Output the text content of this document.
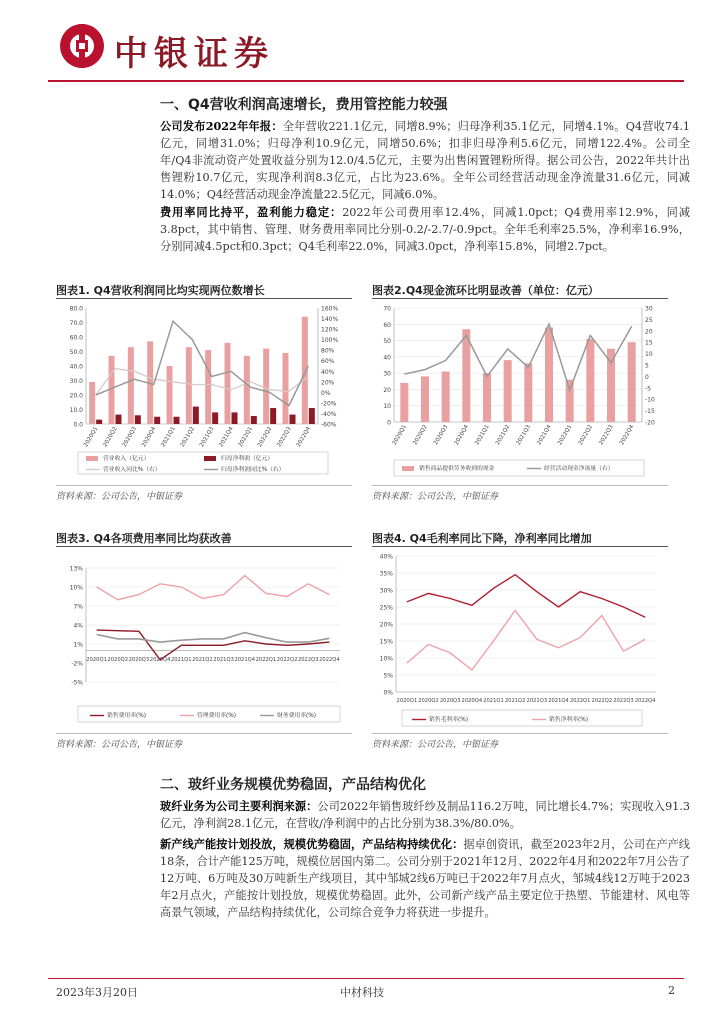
中银证券
一、Q4营收利润高速增长，费用管控能力较强
公司发布2022年年报：全年营收221.1亿元，同增8.9%；归母净利35.1亿元，同增4.1%。Q4营收74.1亿元，同增31.0%；归母净利10.9亿元，同增50.6%；扣非归母净利5.6亿元，同增122.4%。公司全年/Q4非流动资产处置收益分别为12.0/4.5亿元，主要为出售闲置锂粉所得。据公司公告，2022年共计出售锂粉10.7亿元，实现净利润8.3亿元，占比为23.6%。全年公司经营活动现金净流量31.6亿元，同减14.0%；Q4经营活动现金净流量22.5亿元，同减6.0%。
费用率同比持平，盈利能力稳定：2022年公司费用率12.4%，同减1.0pct；Q4费用率12.9%，同减3.8pct，其中销售、管理、财务费用率同比分别-0.2/-2.7/-0.9pct。全年毛利率25.5%，净利率16.9%，分别同减4.5pct和0.3pct；Q4毛利率22.0%，同减3.0pct，净利率15.8%，同增2.7pct。
图表1. Q4营收利润同比均实现两位数增长
80.0
70.0
60.0
50.0
40.0
30.0
20.0
10.0
0.0
160%
140%
120%
100%
80%
60%
40%
20%
0%
-20%
-40%
-60%
2020Q1 2020Q2 2020Q3 2020Q4 2021Q1 2021Q2 2021Q3 2021Q4 2022Q1 2022Q2 2022Q3 2022Q4
营业收入（亿元）	归母净利润（亿元）
营业收入同比%（右）	归母净利润同比%（右）
资料来源：公司公告，中银证券
图表2.Q4现金流环比明显改善（单位：亿元）
70
60
50
40
30
20
10
0
30
25
20
15
10
5
0
-5
-10
-15
-20
2020Q1 2020Q2 2020Q3 2020Q4 2021Q1 2021Q2 2021Q3 2021Q4 2022Q1 2022Q2 2022Q3 2022Q4
销售商品提供劳务收到的现金	经营活动现金净流量（右）
资料来源：公司公告，中银证券
图表3. Q4各项费用率同比均获改善
13%
10%
7%
4%
1%
-2%
-5%
2020Q1 2020Q2 2020Q3 2020Q4 2021Q1 2021Q2 2021Q3 2021Q4 2022Q1 2022Q2 2022Q3 2022Q4
销售费用率(%)	管理费用率(%)	财务费用率(%)
资料来源：公司公告，中银证券
图表4. Q4毛利率同比下降，净利率同比增加
40%
35%
30%
25%
20%
15%
10%
5%
0%
2020Q1 2020Q2 2020Q3 2020Q4 2021Q1 2021Q2 2021Q3 2021Q4 2022Q1 2022Q2 2022Q3 2022Q4
销售毛利率(%)	销售净利率(%)
资料来源：公司公告，中银证券
二、玻纤业务规模优势稳固，产品结构优化
玻纤业务为公司主要利润来源：公司2022年销售玻纤纱及制品116.2万吨，同比增长4.7%；实现收入91.3亿元，净利润28.1亿元，在营收/净利润中的占比分别为38.3%/80.0%。
新产线产能按计划投放，规模优势稳固，产品结构持续优化：据卓创资讯，截至2023年2月，公司在产产线18条，合计产能125万吨，规模位居国内第二。公司分别于2021年12月、2022年4月和2022年7月公告了12万吨、6万吨及30万吨新生产线项目，其中邹城2线6万吨已于2022年7月点火，邹城4线12万吨于2023年2月点火，产能按计划投放，规模优势稳固。此外，公司新产线产品主要定位于热塑、节能建材、风电等高景气领域，产品结构持续优化，公司综合竞争力将获进一步提升。
2023年3月20日	中材科技	2
